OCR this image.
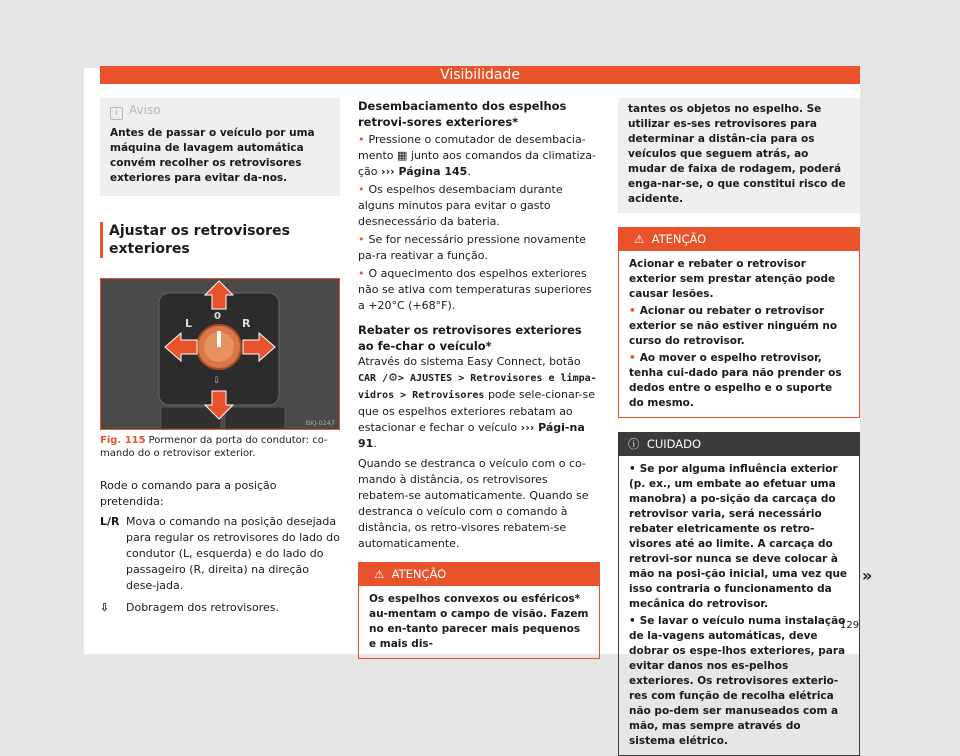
Visibilidade
i Aviso
Antes de passar o veículo por uma máquina de lavagem automática convém recolher os retrovisores exteriores para evitar da-nos.
Ajustar os retrovisores exteriores
L
0
R
⇩
BKJ-0247
Fig. 115 Pormenor da porta do condutor: co-mando do o retrovisor exterior.

Rode o comando para a posição pretendida:

L/R Mova o comando na posição desejada para regular os retrovisores do lado do condutor (L, esquerda) e do lado do passageiro (R, direita) na direção dese-jada.
⇩	Dobragem dos retrovisores.

Desembaciamento dos espelhos retrovi-sores exteriores*

• Pressione o comutador de desembacia-mento ▦ junto aos comandos da climatiza-ção ››› Página 145.

• Os espelhos desembaciam durante alguns minutos para evitar o gasto desnecessário da bateria.

• Se for necessário pressione novamente pa-ra reativar a função.

• O aquecimento dos espelhos exteriores não se ativa com temperaturas superiores a +20°C (+68°F).

Rebater os retrovisores exteriores ao fe-char o veículo*

Através do sistema Easy Connect, botão CAR /⚙> AJUSTES > Retrovisores e limpa-vidros > Retrovisores pode sele-cionar-se que os espelhos exteriores rebatam ao estacionar e fechar o veículo ››› Pági-na 91.

Quando se destranca o veículo com o co-mando à distância, os retrovisores rebatem-se automaticamente. Quando se destranca o veículo com o comando à distância, os retro-visores rebatem-se automaticamente.

⚠ ATENÇÃO
Os espelhos convexos ou esféricos* au-mentam o campo de visão. Fazem no en-tanto parecer mais pequenos e mais dis-
tantes os objetos no espelho. Se utilizar es-ses retrovisores para determinar a distân-cia para os veículos que seguem atrás, ao mudar de faixa de rodagem, poderá enga-nar-se, o que constitui risco de acidente.
⚠ ATENÇÃO
Acionar e rebater o retrovisor exterior sem prestar atenção pode causar lesões.
• Acionar ou rebater o retrovisor exterior se não estiver ninguém no curso do retrovisor.
• Ao mover o espelho retrovisor, tenha cui-dado para não prender os dedos entre o espelho e o suporte do mesmo.
ⓘ CUIDADO
• Se por alguma influência exterior (p. ex., um embate ao efetuar uma manobra) a po-sição da carcaça do retrovisor varia, será necessário rebater eletricamente os retro-visores até ao limite. A carcaça do retrovi-sor nunca se deve colocar à mão na posi-ção inicial, uma vez que isso contraria o funcionamento da mecânica do retrovisor.
• Se lavar o veículo numa instalação de la-vagens automáticas, deve dobrar os espe-lhos exteriores, para evitar danos nos es-pelhos exteriores. Os retrovisores exterio-res com função de recolha elétrica não po-dem ser manuseados com a mão, mas sempre através do sistema elétrico.
»
129
